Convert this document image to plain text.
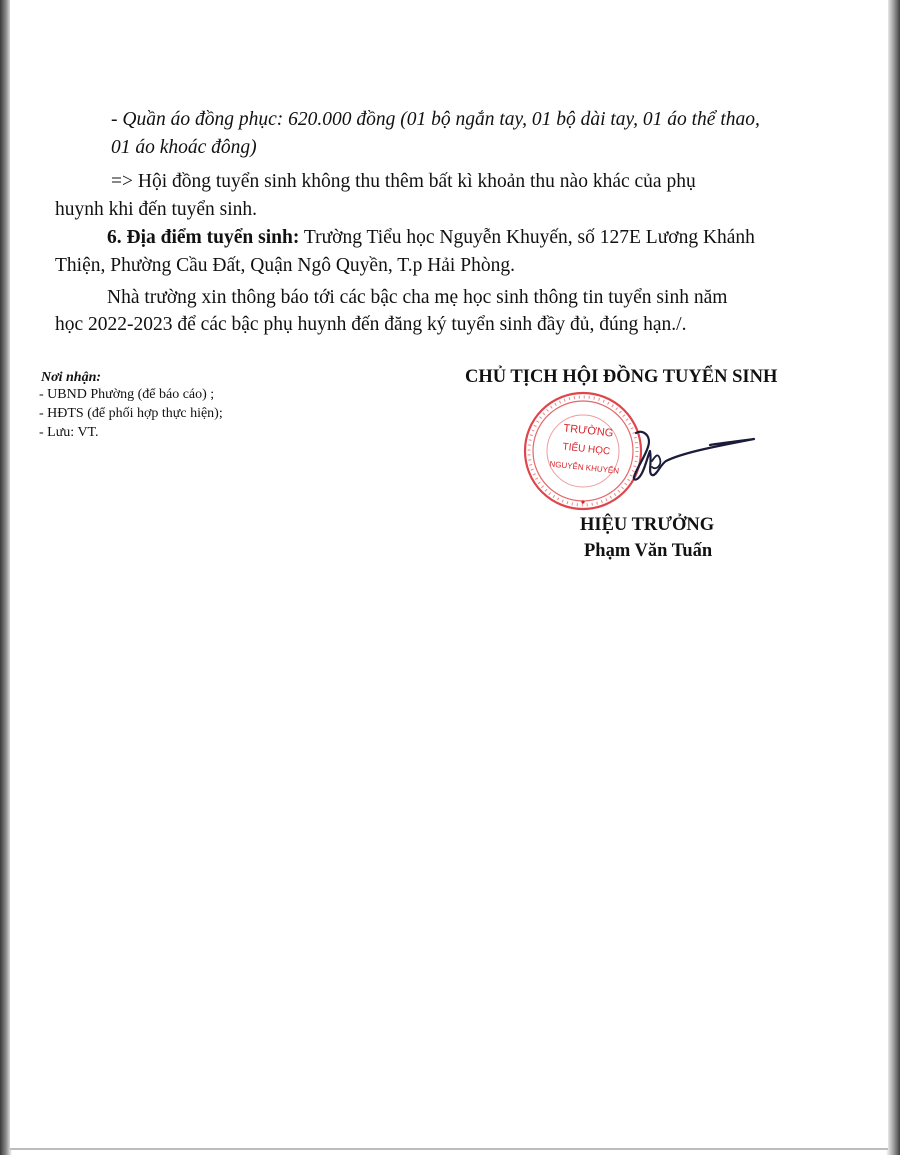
- Quần áo đồng phục: 620.000 đồng (01 bộ ngắn tay, 01 bộ dài tay, 01 áo thể thao,
01 áo khoác đông)
=> Hội đồng tuyển sinh không thu thêm bất kì khoản thu nào khác của phụ
huynh khi đến tuyển sinh.
6. Địa điểm tuyển sinh: Trường Tiểu học Nguyễn Khuyến, số 127E Lương Khánh
Thiện, Phường Cầu Đất, Quận Ngô Quyền, T.p Hải Phòng.
Nhà trường xin thông báo tới các bậc cha mẹ học sinh thông tin tuyển sinh năm
học 2022-2023 để các bậc phụ huynh đến đăng ký tuyển sinh đầy đủ, đúng hạn./.
Nơi nhận:
- UBND Phường (để báo cáo) ;
- HĐTS (để phối hợp thực hiện);
- Lưu: VT.
CHỦ TỊCH HỘI ĐỒNG TUYỂN SINH
TRƯỜNG
TIỂU HỌC
NGUYỄN KHUYẾN
HIỆU TRƯỞNG
Phạm Văn Tuấn
